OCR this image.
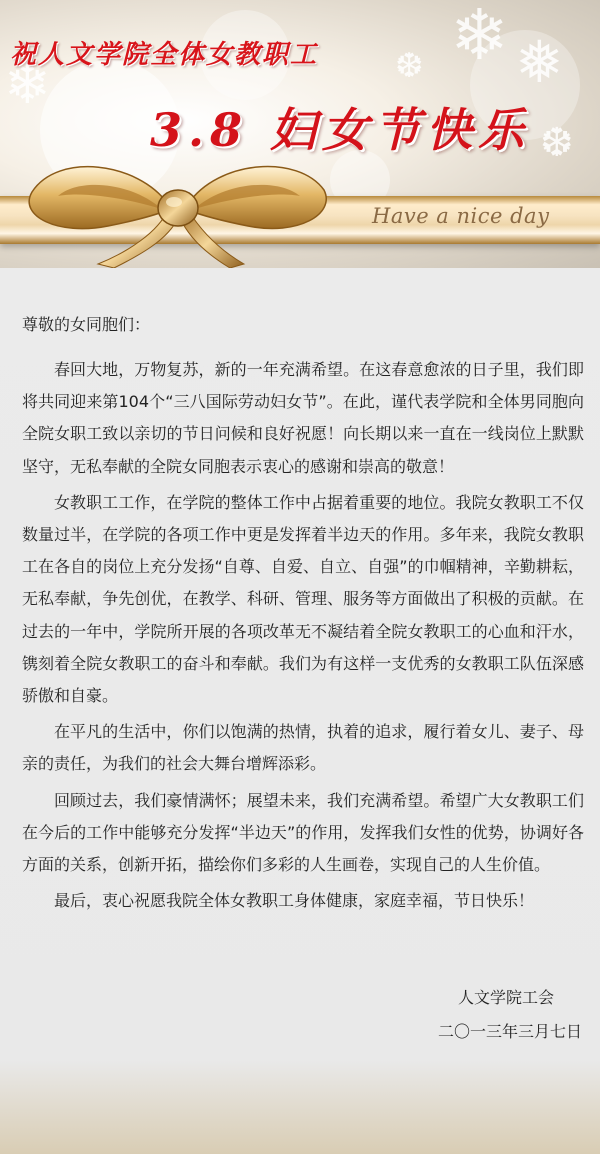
❄ ❅
❆
❄
❆
祝人文学院全体女教职工
3.8 妇女节快乐

Have a nice day

尊敬的女同胞们：

春回大地，万物复苏，新的一年充满希望。在这春意愈浓的日子里，我们即将共同迎来第104个“三八国际劳动妇女节”。在此，谨代表学院和全体男同胞向全院女职工致以亲切的节日问候和良好祝愿！向长期以来一直在一线岗位上默默坚守，无私奉献的全院女同胞表示衷心的感谢和崇高的敬意！

女教职工工作，在学院的整体工作中占据着重要的地位。我院女教职工不仅数量过半，在学院的各项工作中更是发挥着半边天的作用。多年来，我院女教职工在各自的岗位上充分发扬“自尊、自爱、自立、自强”的巾帼精神，辛勤耕耘，无私奉献，争先创优，在教学、科研、管理、服务等方面做出了积极的贡献。在过去的一年中，学院所开展的各项改革无不凝结着全院女教职工的心血和汗水，镌刻着全院女教职工的奋斗和奉献。我们为有这样一支优秀的女教职工队伍深感骄傲和自豪。

在平凡的生活中，你们以饱满的热情，执着的追求，履行着女儿、妻子、母亲的责任，为我们的社会大舞台增辉添彩。

回顾过去，我们豪情满怀；展望未来，我们充满希望。希望广大女教职工们在今后的工作中能够充分发挥“半边天”的作用，发挥我们女性的优势，协调好各方面的关系，创新开拓，描绘你们多彩的人生画卷，实现自己的人生价值。

最后，衷心祝愿我院全体女教职工身体健康，家庭幸福，节日快乐！

人文学院工会

二〇一三年三月七日
